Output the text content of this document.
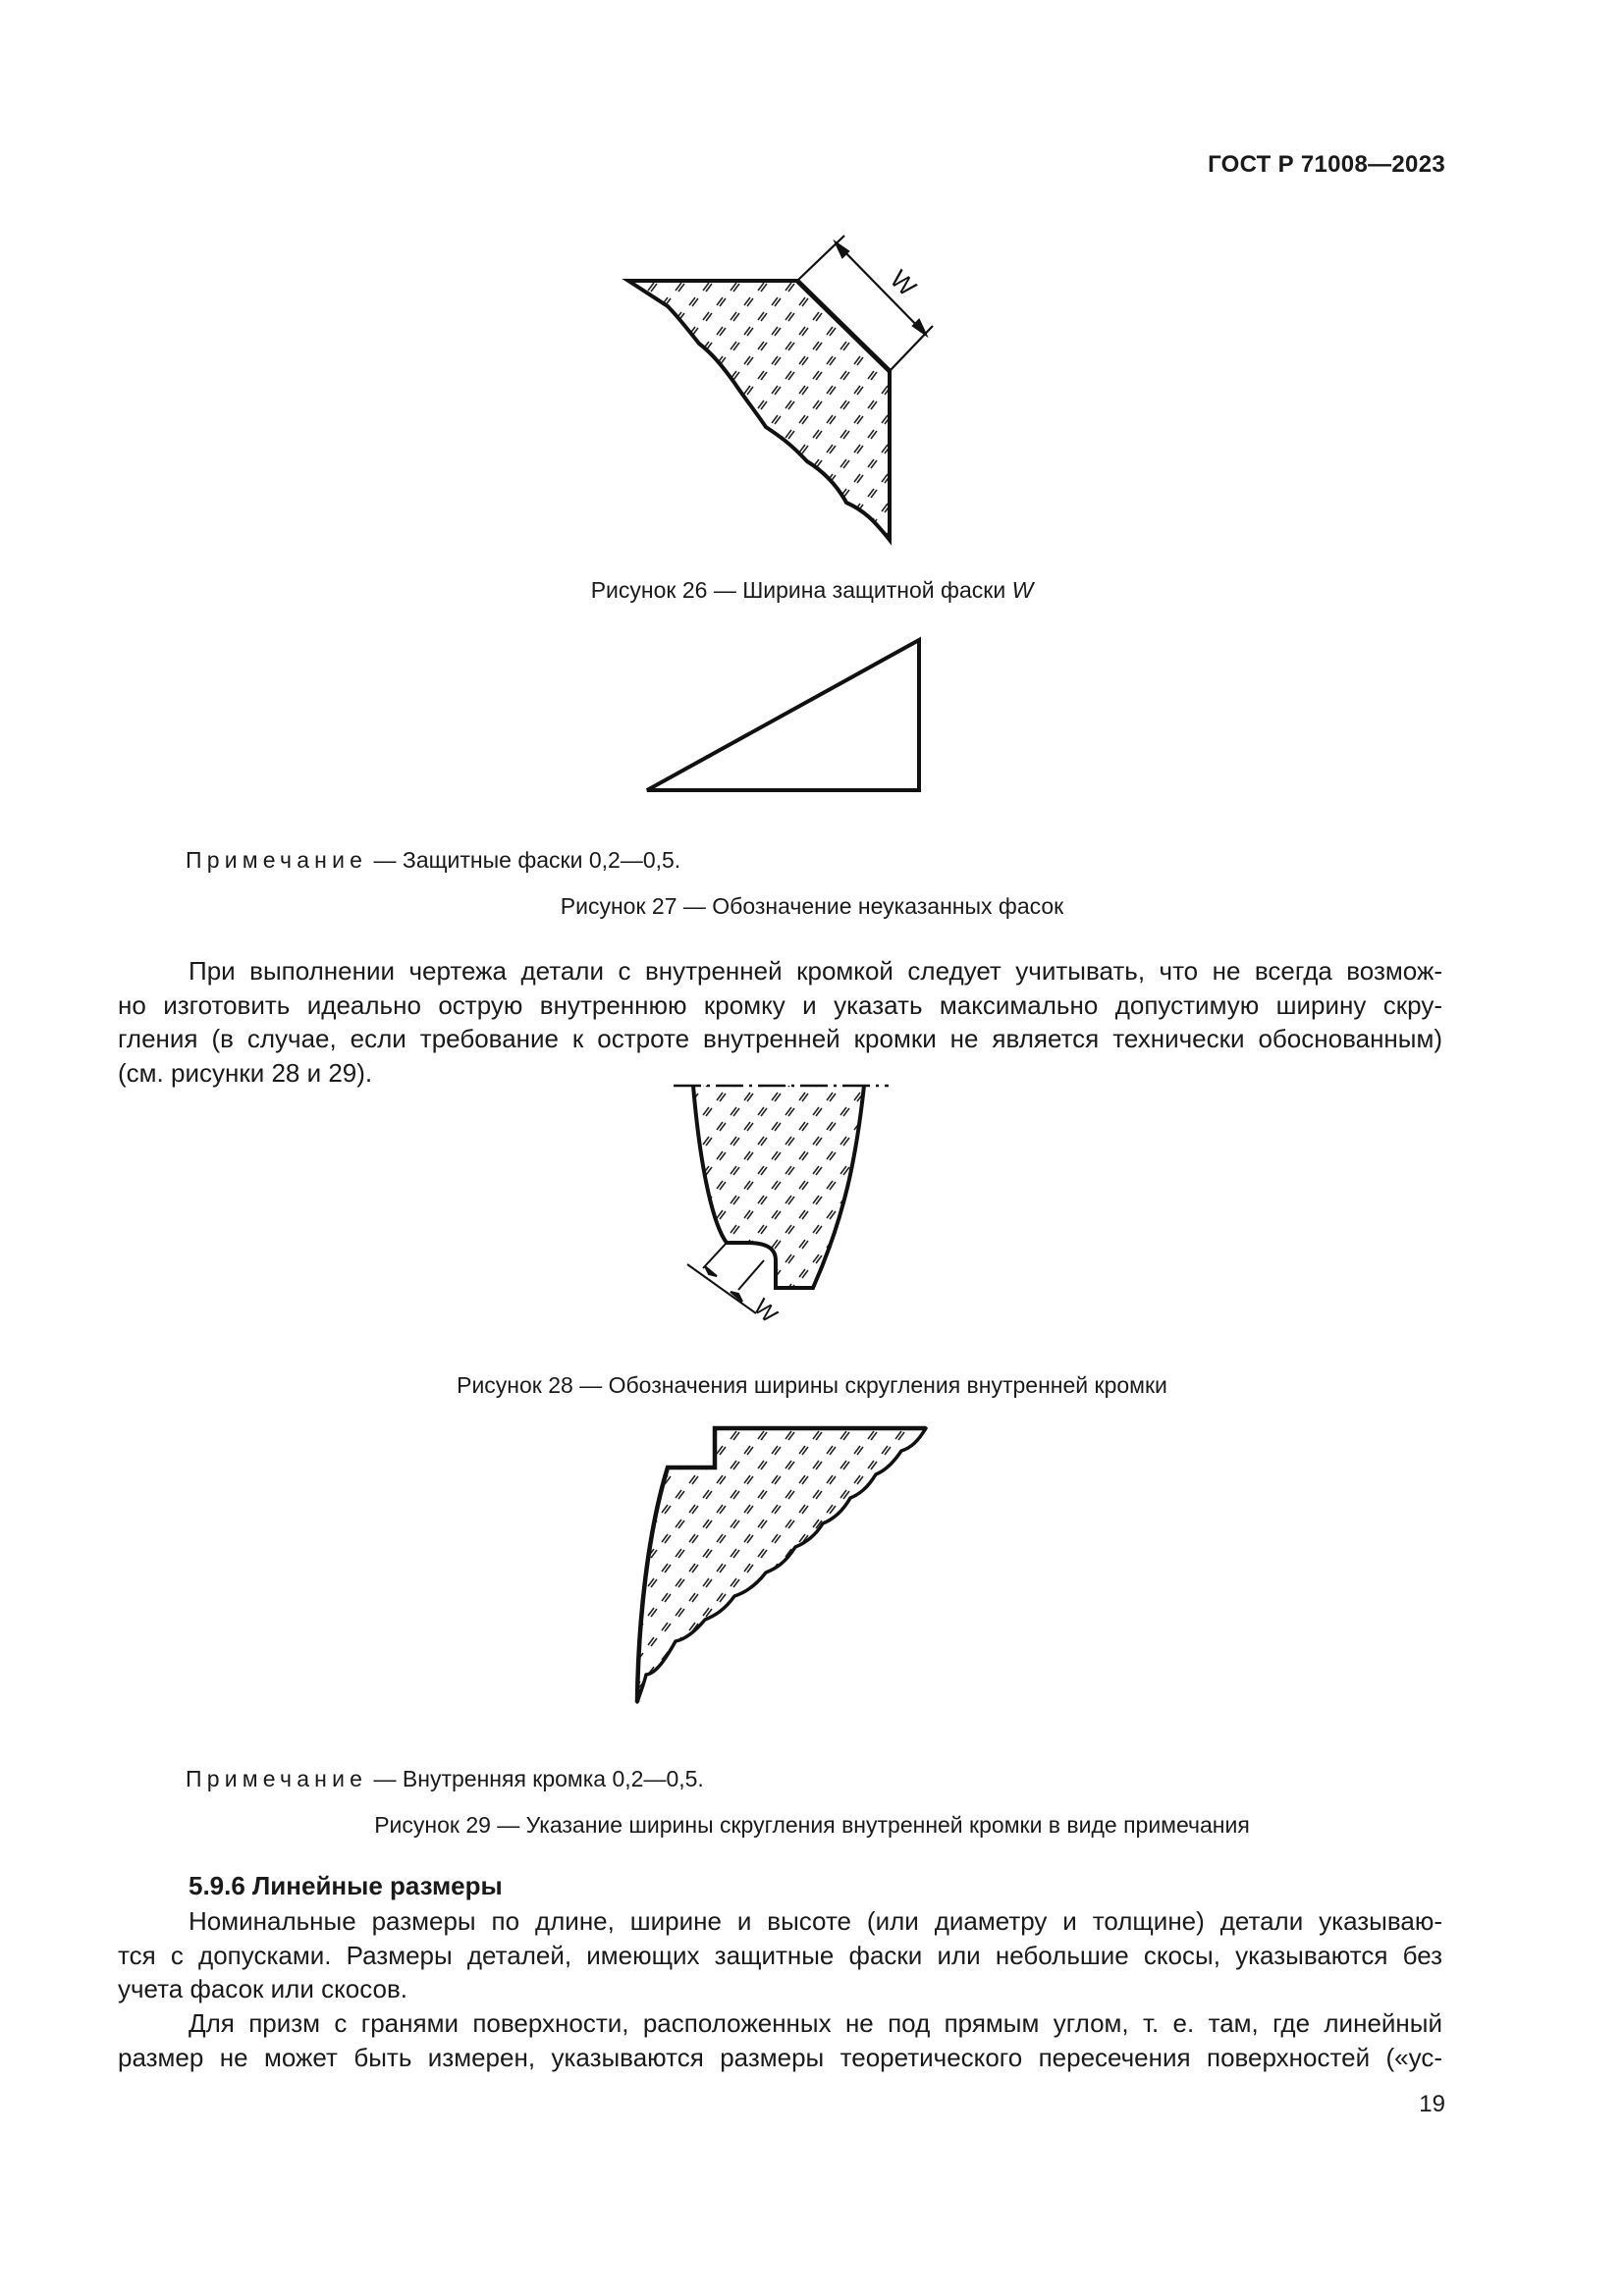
ГОСТ Р 71008—2023
W
Рисунок 26 — Ширина защитной фаски W
Примечание — Защитные фаски 0,2—0,5.
Рисунок 27 — Обозначение неуказанных фасок
При выполнении чертежа детали с внутренней кромкой следует учитывать, что не всегда возмож-
но изготовить идеально острую внутреннюю кромку и указать максимально допустимую ширину скру-
гления (в случае, если требование к остроте внутренней кромки не является технически обоснованным)
(см. рисунки 28 и 29).
W
Рисунок 28 — Обозначения ширины скругления внутренней кромки
Примечание — Внутренняя кромка 0,2—0,5.
Рисунок 29 — Указание ширины скругления внутренней кромки в виде примечания
5.9.6 Линейные размеры
Номинальные размеры по длине, ширине и высоте (или диаметру и толщине) детали указываю-
тся с допусками. Размеры деталей, имеющих защитные фаски или небольшие скосы, указываются без
учета фасок или скосов.
Для призм с гранями поверхности, расположенных не под прямым углом, т. е. там, где линейный
размер не может быть измерен, указываются размеры теоретического пересечения поверхностей («ус-
19
